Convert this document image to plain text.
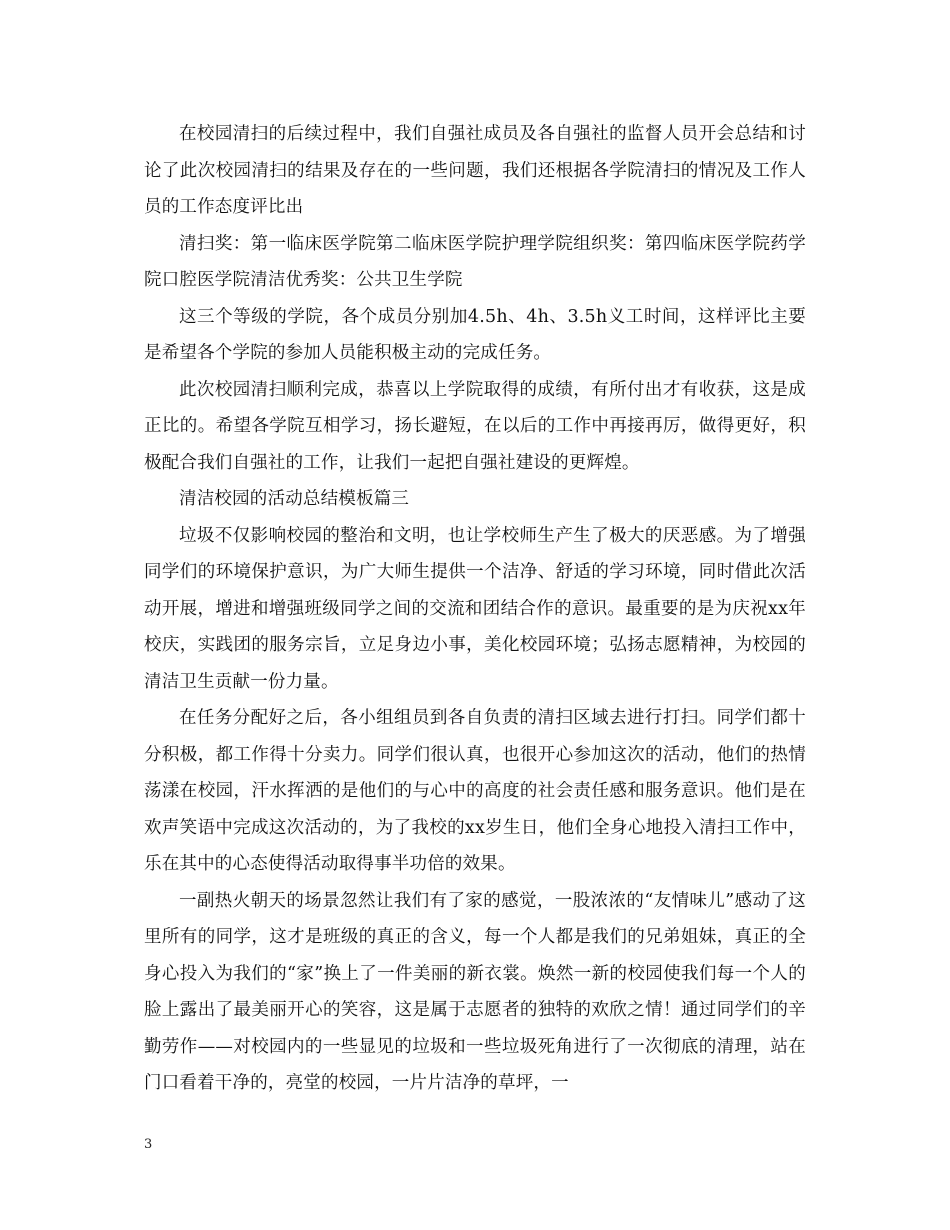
在校园清扫的后续过程中，我们自强社成员及各自强社的监督人员开会总结和讨论了此次校园清扫的结果及存在的一些问题，我们还根据各学院清扫的情况及工作人员的工作态度评比出

清扫奖：第一临床医学院第二临床医学院护理学院组织奖：第四临床医学院药学院口腔医学院清洁优秀奖：公共卫生学院

这三个等级的学院，各个成员分别加4.5h、4h、3.5h义工时间，这样评比主要是希望各个学院的参加人员能积极主动的完成任务。

此次校园清扫顺利完成，恭喜以上学院取得的成绩，有所付出才有收获，这是成正比的。希望各学院互相学习，扬长避短，在以后的工作中再接再厉，做得更好，积极配合我们自强社的工作，让我们一起把自强社建设的更辉煌。

清洁校园的活动总结模板篇三

垃圾不仅影响校园的整治和文明，也让学校师生产生了极大的厌恶感。为了增强同学们的环境保护意识，为广大师生提供一个洁净、舒适的学习环境，同时借此次活动开展，增进和增强班级同学之间的交流和团结合作的意识。最重要的是为庆祝xx年校庆，实践团的服务宗旨，立足身边小事，美化校园环境；弘扬志愿精神，为校园的清洁卫生贡献一份力量。

在任务分配好之后，各小组组员到各自负责的清扫区域去进行打扫。同学们都十分积极，都工作得十分卖力。同学们很认真，也很开心参加这次的活动，他们的热情荡漾在校园，汗水挥洒的是他们的与心中的高度的社会责任感和服务意识。他们是在欢声笑语中完成这次活动的，为了我校的xx岁生日，他们全身心地投入清扫工作中，乐在其中的心态使得活动取得事半功倍的效果。

一副热火朝天的场景忽然让我们有了家的感觉，一股浓浓的“友情味儿”感动了这里所有的同学，这才是班级的真正的含义，每一个人都是我们的兄弟姐妹，真正的全身心投入为我们的“家”换上了一件美丽的新衣裳。焕然一新的校园使我们每一个人的脸上露出了最美丽开心的笑容，这是属于志愿者的独特的欢欣之情！通过同学们的辛勤劳作——对校园内的一些显见的垃圾和一些垃圾死角进行了一次彻底的清理，站在门口看着干净的，亮堂的校园，一片片洁净的草坪，一

3
